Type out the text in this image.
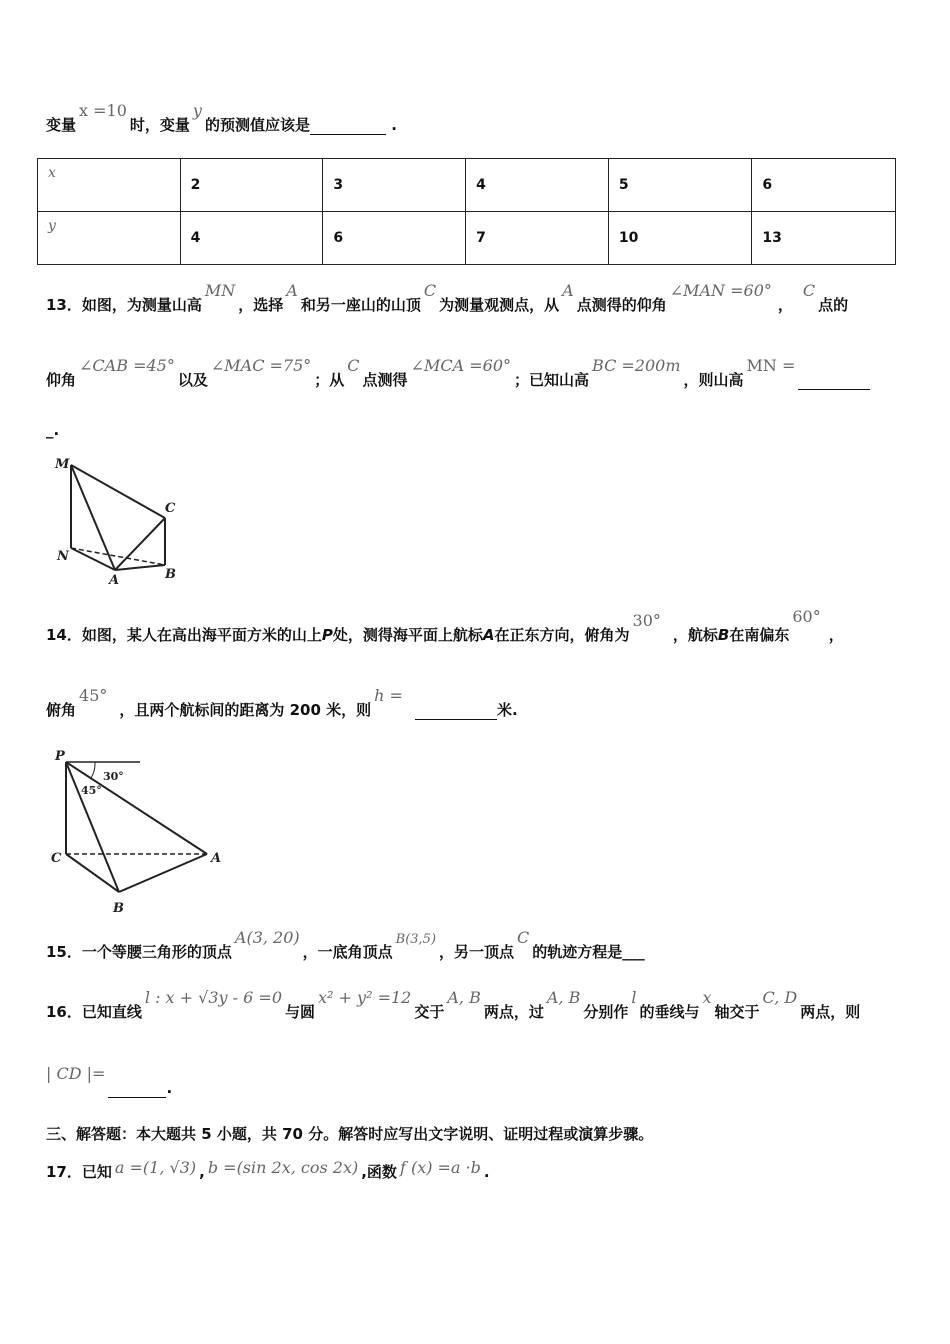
变量x =10时，变量y的预测值应该是	.
x	2	3	4	5	6
y	4	6	7	10	13
13．如图，为测量山高MN，选择A和另一座山的山顶C为测量观测点，从A点测得的仰角∠MAN =60°，C点的
仰角∠CAB =45°以及∠MAC =75°；从C点测得∠MCA =60°；已知山高BC =200m，则山高MN =
_.
M
N
A	B
C
14．如图，某人在高出海平面方米的山上P处，测得海平面上航标A在正东方向，俯角为30°，航标B在南偏东60°，
俯角45°，且两个航标间的距离为 200 米，则h =米.
P
C	A
B
30°
45°
15．一个等腰三角形的顶点A(3, 20)，一底角顶点B(3,5)，另一顶点C的轨迹方程是___
16．已知直线l : x + √3y - 6 =0与圆x² + y² =12交于A, B两点，过A, B分别作l的垂线与x轴交于C, D两点，则
| CD |=.
三、解答题：本大题共 5 小题，共 70 分。解答时应写出文字说明、证明过程或演算步骤。
17．已知 a =(1, √3) , b =(sin 2x, cos 2x) ,函数 f (x) =a ·b .
